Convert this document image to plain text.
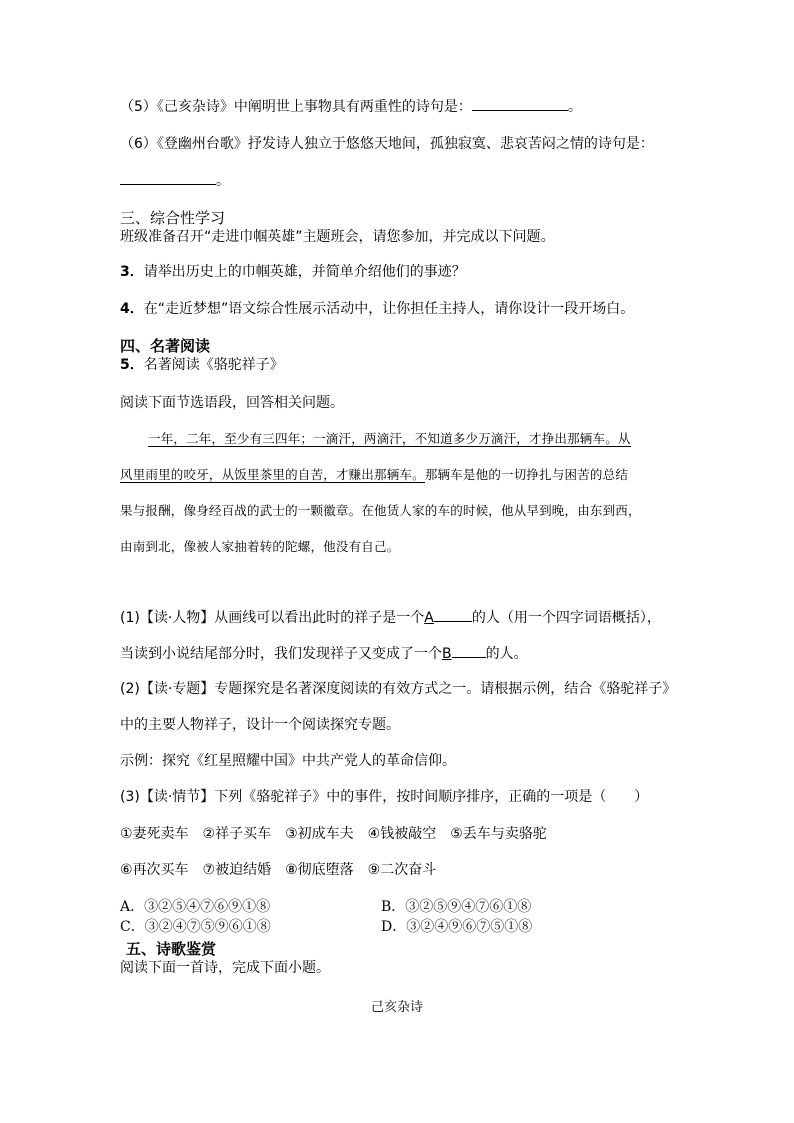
（5）《己亥杂诗》中阐明世上事物具有两重性的诗句是：	。
（6）《登幽州台歌》抒发诗人独立于悠悠天地间，孤独寂寞、悲哀苦闷之情的诗句是：
。
三、综合性学习
班级准备召开“走进巾帼英雄”主题班会，请您参加，并完成以下问题。
3．请举出历史上的巾帼英雄，并简单介绍他们的事迹？
4．在“走近梦想”语文综合性展示活动中，让你担任主持人，请你设计一段开场白。
四、名著阅读
5．名著阅读《骆驼祥子》
阅读下面节选语段，回答相关问题。
一年，二年，至少有三四年；一滴汗，两滴汗，不知道多少万滴汗，才挣出那辆车。从
风里雨里的咬牙，从饭里茶里的自苦，才赚出那辆车。那辆车是他的一切挣扎与困苦的总结
果与报酬，像身经百战的武士的一颗徽章。在他赁人家的车的时候，他从早到晚，由东到西，
由南到北，像被人家抽着转的陀螺，他没有自己。
(1)【读·人物】从画线可以看出此时的祥子是一个A	的人（用一个四字词语概括），
当读到小说结尾部分时，我们发现祥子又变成了一个B 的人。
(2)【读·专题】专题探究是名著深度阅读的有效方式之一。请根据示例，结合《骆驼祥子》
中的主要人物祥子，设计一个阅读探究专题。
示例：探究《红星照耀中国》中共产党人的革命信仰。
(3)【读·情节】下列《骆驼祥子》中的事件，按时间顺序排序，正确的一项是（　　）
①妻死卖车　②祥子买车　③初成车夫　④钱被敲空　⑤丢车与卖骆驼
⑥再次买车　⑦被迫结婚　⑧彻底堕落　⑨二次奋斗
A．③②⑤④⑦⑥⑨①⑧	B．③②⑤⑨④⑦⑥①⑧
C．③②④⑦⑤⑨⑥①⑧	D．③②④⑨⑥⑦⑤①⑧
五、诗歌鉴赏
阅读下面一首诗，完成下面小题。
己亥杂诗
